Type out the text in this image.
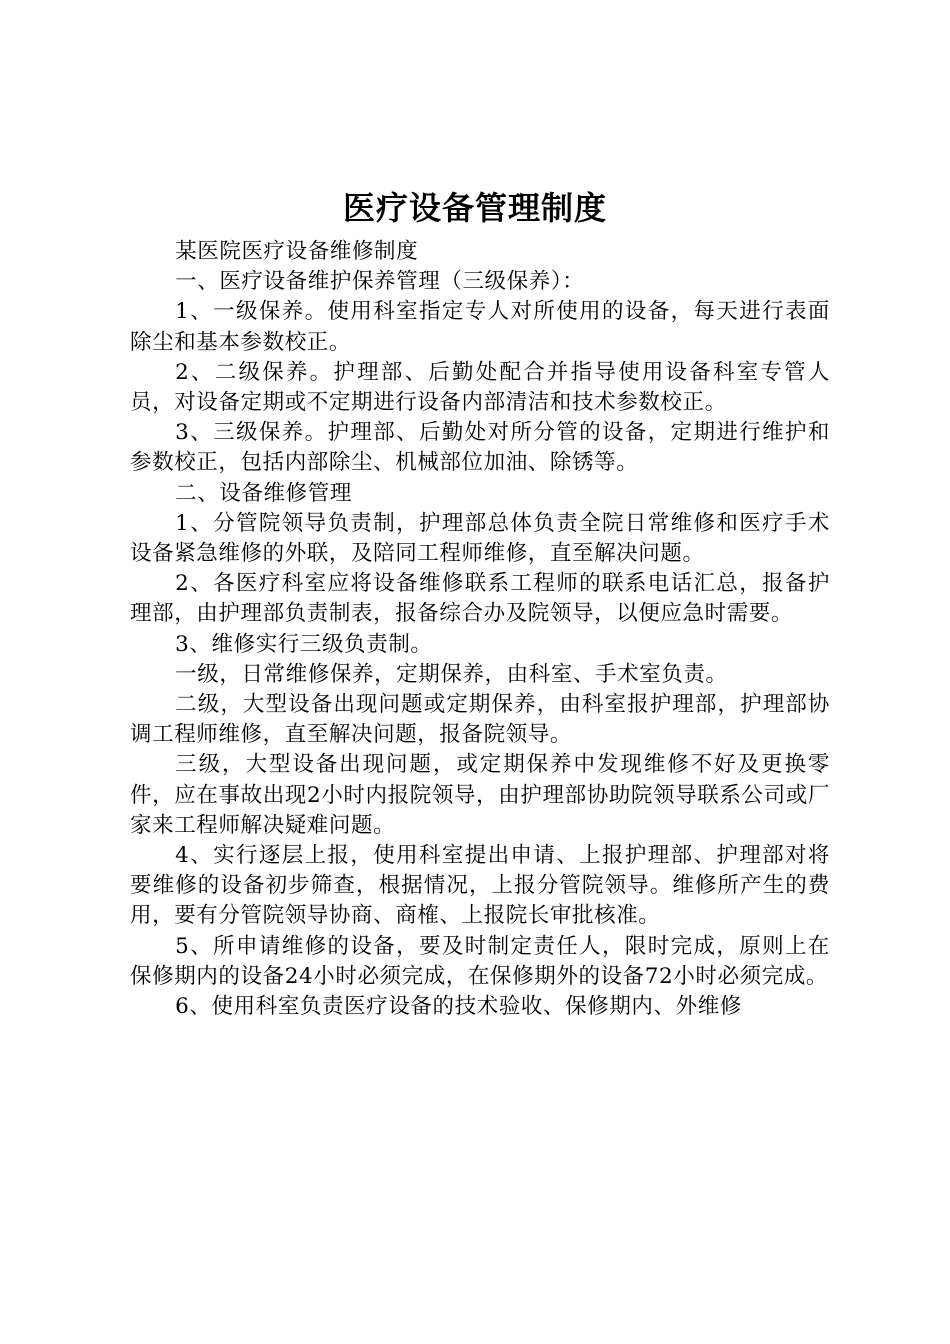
医疗设备管理制度

某医院医疗设备维修制度

一、医疗设备维护保养管理（三级保养）：

1、一级保养。使用科室指定专人对所使用的设备，每天进行表面除尘和基本参数校正。

2、二级保养。护理部、后勤处配合并指导使用设备科室专管人员，对设备定期或不定期进行设备内部清洁和技术参数校正。

3、三级保养。护理部、后勤处对所分管的设备，定期进行维护和参数校正，包括内部除尘、机械部位加油、除锈等。

二、设备维修管理

1、分管院领导负责制，护理部总体负责全院日常维修和医疗手术设备紧急维修的外联，及陪同工程师维修，直至解决问题。

2、各医疗科室应将设备维修联系工程师的联系电话汇总，报备护理部，由护理部负责制表，报备综合办及院领导，以便应急时需要。

3、维修实行三级负责制。

一级，日常维修保养，定期保养，由科室、手术室负责。

二级，大型设备出现问题或定期保养，由科室报护理部，护理部协调工程师维修，直至解决问题，报备院领导。

三级，大型设备出现问题，或定期保养中发现维修不好及更换零件，应在事故出现2小时内报院领导，由护理部协助院领导联系公司或厂家来工程师解决疑难问题。

4、实行逐层上报，使用科室提出申请、上报护理部、护理部对将要维修的设备初步筛查，根据情况，上报分管院领导。维修所产生的费用，要有分管院领导协商、商榷、上报院长审批核准。

5、所申请维修的设备，要及时制定责任人，限时完成，原则上在保修期内的设备24小时必须完成，在保修期外的设备72小时必须完成。

6、使用科室负责医疗设备的技术验收、保修期内、外维修
